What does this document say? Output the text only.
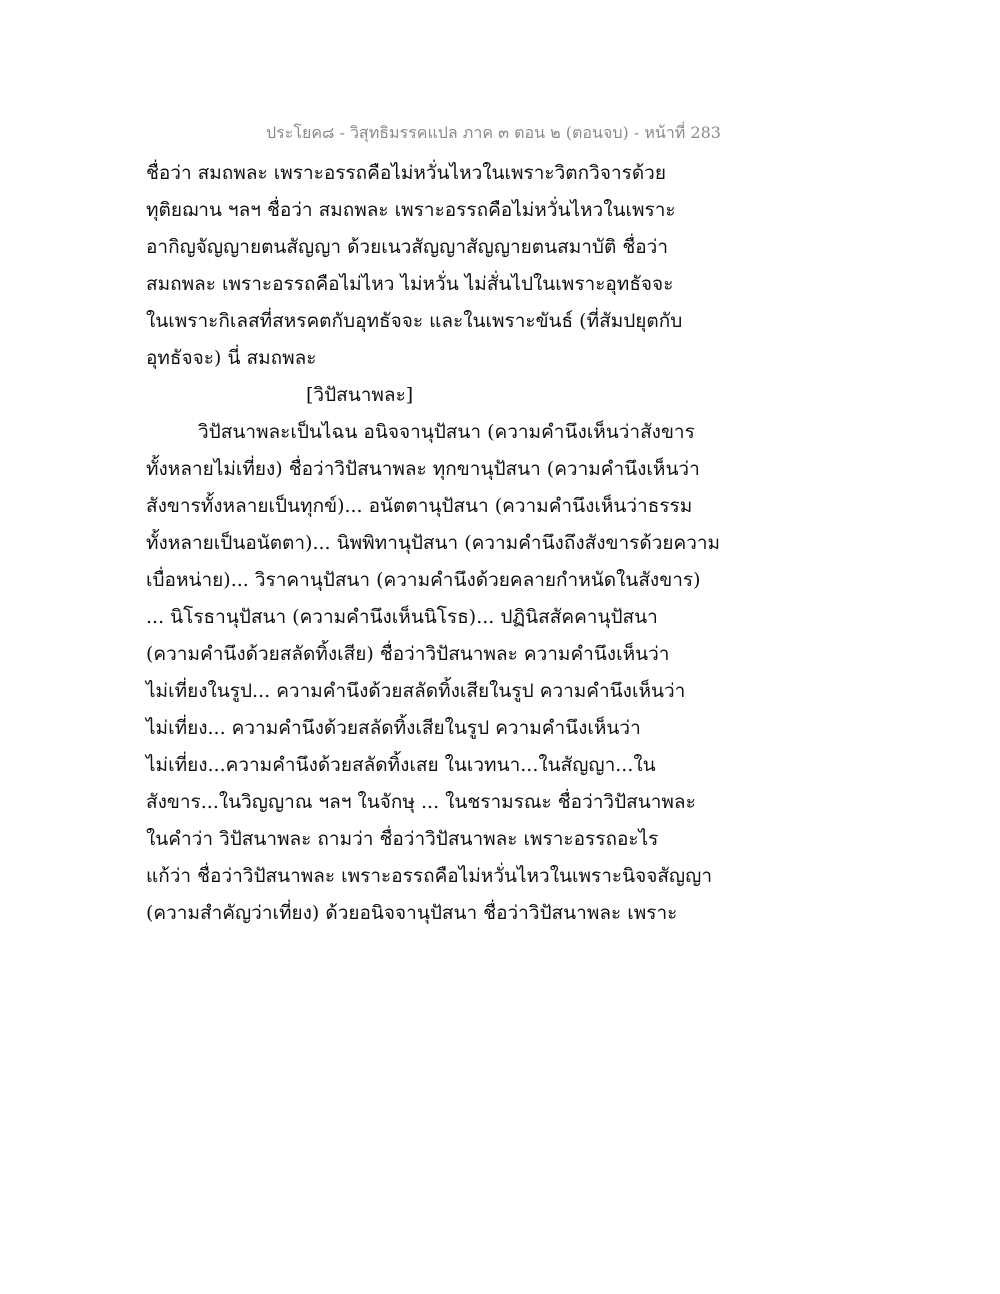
ประโยค๘ - วิสุทธิมรรคแปล ภาค ๓ ตอน ๒ (ตอนจบ) - หน้าที่ 283
ชื่อว่า สมถพละ เพราะอรรถคือไม่หวั่นไหวในเพราะวิตกวิจารด้วย
ทุติยฌาน ฯลฯ ชื่อว่า สมถพละ เพราะอรรถคือไม่หวั่นไหวในเพราะ
อากิญจัญญายตนสัญญา ด้วยเนวสัญญาสัญญายตนสมาบัติ ชื่อว่า
สมถพละ เพราะอรรถคือไม่ไหว ไม่หวั่น ไม่สั่นไปในเพราะอุทธัจจะ
ในเพราะกิเลสที่สหรคตกับอุทธัจจะ และในเพราะขันธ์ (ที่สัมปยุตกับ
อุทธัจจะ) นี่ สมถพละ
[วิปัสนาพละ]
วิปัสนาพละเป็นไฉน อนิจจานุปัสนา (ความคำนึงเห็นว่าสังขาร
ทั้งหลายไม่เที่ยง) ชื่อว่าวิปัสนาพละ ทุกขานุปัสนา (ความคำนึงเห็นว่า
สังขารทั้งหลายเป็นทุกข์)... อนัตตานุปัสนา (ความคำนึงเห็นว่าธรรม
ทั้งหลายเป็นอนัตตา)... นิพพิทานุปัสนา (ความคำนึงถึงสังขารด้วยความ
เบื่อหน่าย)... วิราคานุปัสนา (ความคำนึงด้วยคลายกำหนัดในสังขาร)
... นิโรธานุปัสนา (ความคำนึงเห็นนิโรธ)... ปฏินิสสัคคานุปัสนา
(ความคำนึงด้วยสลัดทิ้งเสีย) ชื่อว่าวิปัสนาพละ ความคำนึงเห็นว่า
ไม่เที่ยงในรูป... ความคำนึงด้วยสลัดทิ้งเสียในรูป ความคำนึงเห็นว่า
ไม่เที่ยง... ความคำนึงด้วยสลัดทิ้งเสียในรูป ความคำนึงเห็นว่า
ไม่เที่ยง...ความคำนึงด้วยสลัดทิ้งเสย ในเวทนา...ในสัญญา...ใน
สังขาร...ในวิญญาณ ฯลฯ ในจักษุ ... ในชรามรณะ ชื่อว่าวิปัสนาพละ
ในคำว่า วิปัสนาพละ ถามว่า ชื่อว่าวิปัสนาพละ เพราะอรรถอะไร
แก้ว่า ชื่อว่าวิปัสนาพละ เพราะอรรถคือไม่หวั่นไหวในเพราะนิจจสัญญา
(ความสำคัญว่าเที่ยง) ด้วยอนิจจานุปัสนา ชื่อว่าวิปัสนาพละ เพราะ
